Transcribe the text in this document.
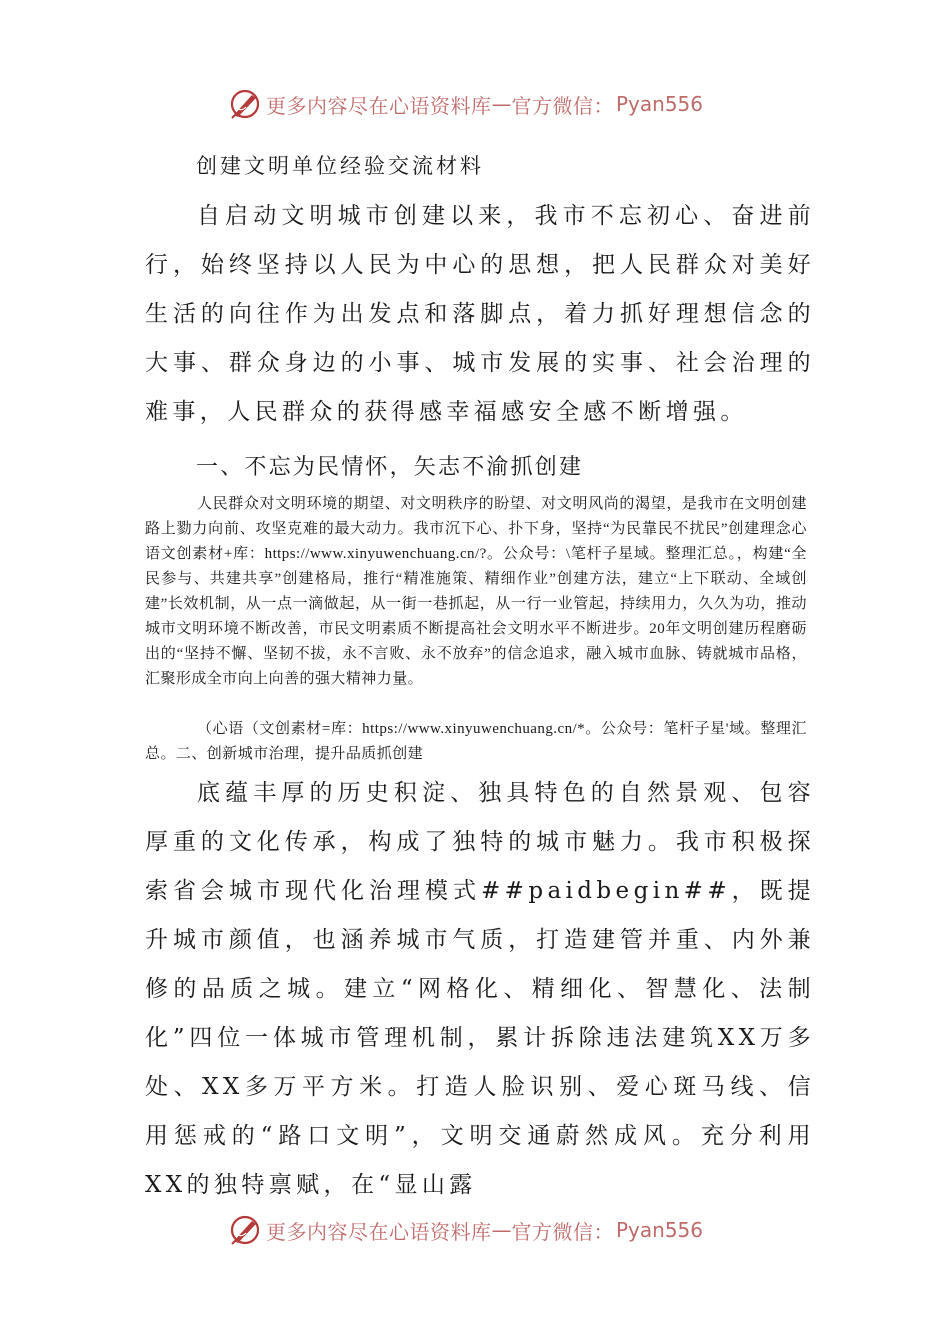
更多内容尽在心语资料库 — 官方微信： Pyan556
创建文明单位经验交流材料

自启动文明城市创建以来，我市不忘初心、奋进前行，始终坚持以人民为中心的思想，把人民群众对美好生活的向往作为出发点和落脚点，着力抓好理想信念的大事、群众身边的小事、城市发展的实事、社会治理的难事，人民群众的获得感幸福感安全感不断增强。

一、不忘为民情怀，矢志不渝抓创建

人民群众对文明环境的期望、对文明秩序的盼望、对文明风尚的渴望，是我市在文明创建路上勠力向前、攻坚克难的最大动力。我市沉下心、扑下身，坚持“为民靠民不扰民”创建理念心语文创素材+库：https://www.xinyuwenchuang.cn/?。公众号：\笔杆子星域。整理汇总。，构建“全民参与、共建共享”创建格局，推行“精准施策、精细作业”创建方法，建立“上下联动、全域创建”长效机制，从一点一滴做起，从一街一巷抓起，从一行一业管起，持续用力，久久为功，推动城市文明环境不断改善，市民文明素质不断提高社会文明水平不断进步。20年文明创建历程磨砺出的“坚持不懈、坚韧不拔，永不言败、永不放弃”的信念追求，融入城市血脉、铸就城市品格，汇聚形成全市向上向善的强大精神力量。

（心语（文创素材=库：https://www.xinyuwenchuang.cn/*。公众号：笔杆子星'域。整理汇总。二、创新城市治理，提升品质抓创建

底蕴丰厚的历史积淀、独具特色的自然景观、包容厚重的文化传承，构成了独特的城市魅力。我市积极探索省会城市现代化治理模式##paidbegin##，既提升城市颜值，也涵养城市气质，打造建管并重、内外兼修的品质之城。建立“网格化、精细化、智慧化、法制化”四位一体城市管理机制，累计拆除违法建筑XX万多处、XX多万平方米。打造人脸识别、爱心斑马线、信用惩戒的“路口文明”，文明交通蔚然成风。充分利用XX的独特禀赋，在“显山露

更多内容尽在心语资料库 — 官方微信： Pyan556
